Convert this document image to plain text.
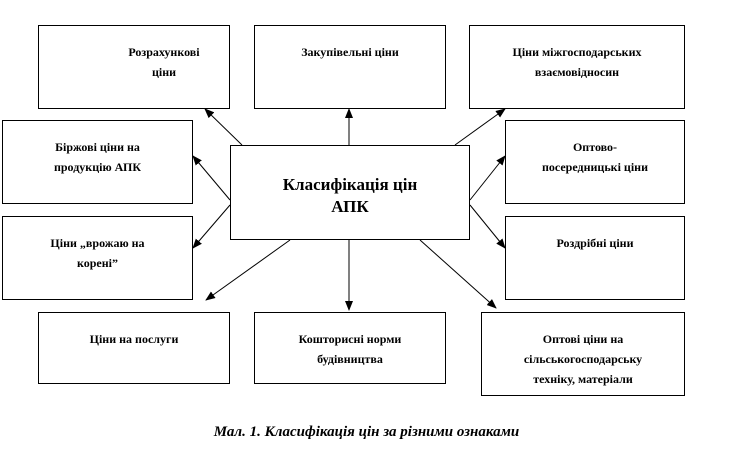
Розрахункові
ціни
Закупівельні ціни	Ціни міжгосподарських
взаємовідносин
Біржові ціни на
продукцію АПК
Класифікація цін
АПК
Оптово-
посередницькі ціни
Ціни „врожаю на
корені”
Роздрібні ціни
Ціни на послуги	Кошторисні норми
будівництва
Оптові ціни на
сільськогосподарську
техніку, матеріали
Мал. 1. Класифікація цін за різними ознаками
